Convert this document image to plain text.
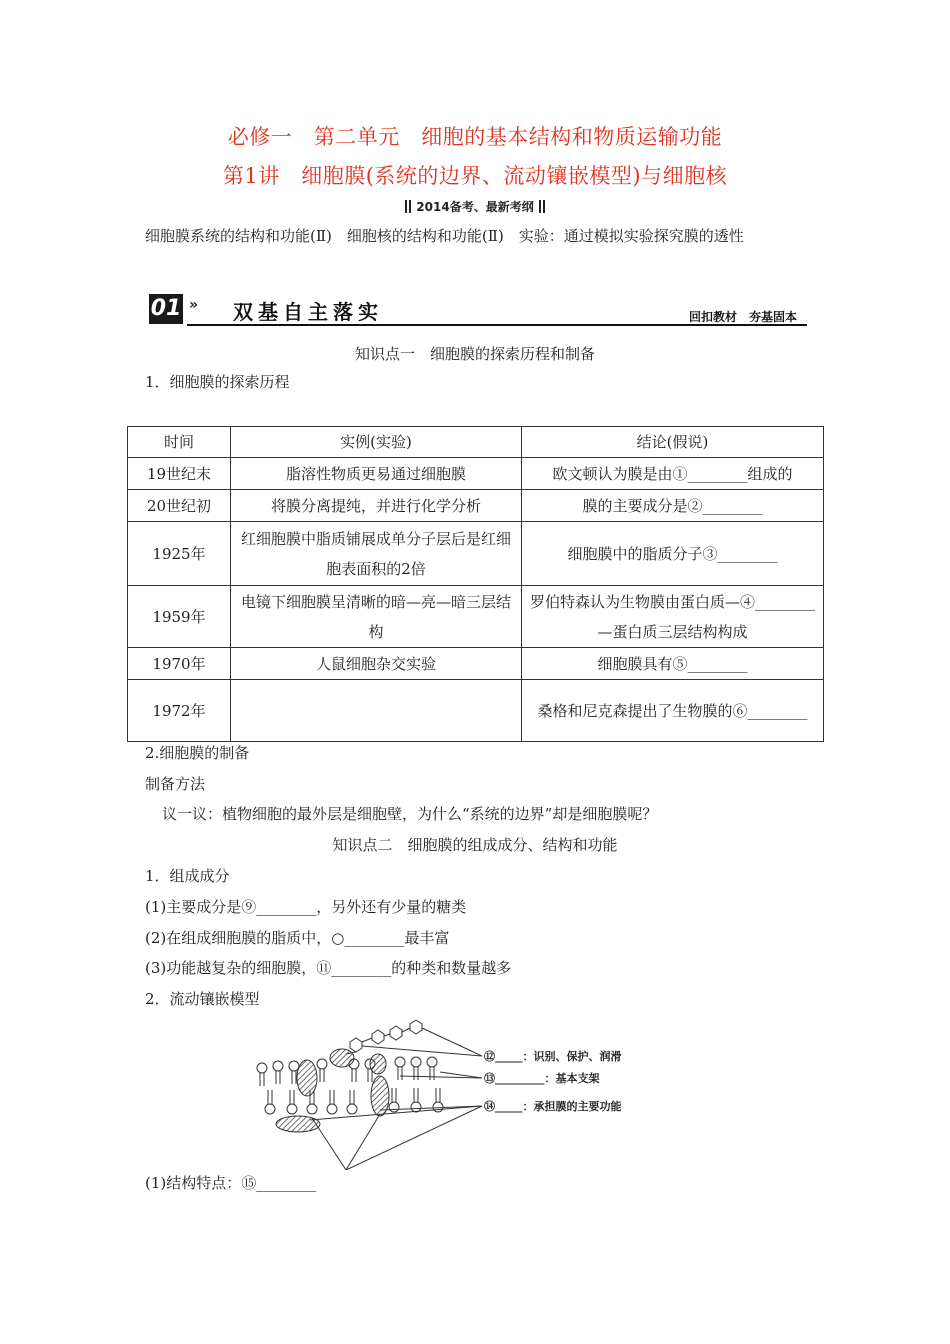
必修一　第二单元　细胞的基本结构和物质运输功能
第1讲　细胞膜(系统的边界、流动镶嵌模型)与细胞核
2014备考、最新考纲
细胞膜系统的结构和功能(Ⅱ)　细胞核的结构和功能(Ⅱ)　实验：通过模拟实验探究膜的透性
01 » 双基自主落实	回扣教材　夯基固本
知识点一　细胞膜的探索历程和制备
1．细胞膜的探索历程
时间	实例(实验)	结论(假说)
19世纪末	脂溶性物质更易通过细胞膜	欧文顿认为膜是由①________组成的
20世纪初	将膜分离提纯，并进行化学分析	膜的主要成分是②________
1925年	红细胞膜中脂质铺展成单分子层后是红细胞表面积的2倍	细胞膜中的脂质分子③________
1959年	电镜下细胞膜呈清晰的暗—亮—暗三层结构	罗伯特森认为生物膜由蛋白质—④________—蛋白质三层结构构成
1970年	人鼠细胞杂交实验	细胞膜具有⑤________
1972年		桑格和尼克森提出了生物膜的⑥________
2.细胞膜的制备
制备方法
议一议：植物细胞的最外层是细胞壁，为什么“系统的边界”却是细胞膜呢？
知识点二　细胞膜的组成成分、结构和功能
1．组成成分
(1)主要成分是⑨________，另外还有少量的糖类
(2)在组成细胞膜的脂质中，○________最丰富
(3)功能越复杂的细胞膜，⑪________的种类和数量越多
2．流动镶嵌模型
⑫_____：识别、保护、润滑
⑬_________：基本支架
⑭_____：承担膜的主要功能
(1)结构特点：⑮________
